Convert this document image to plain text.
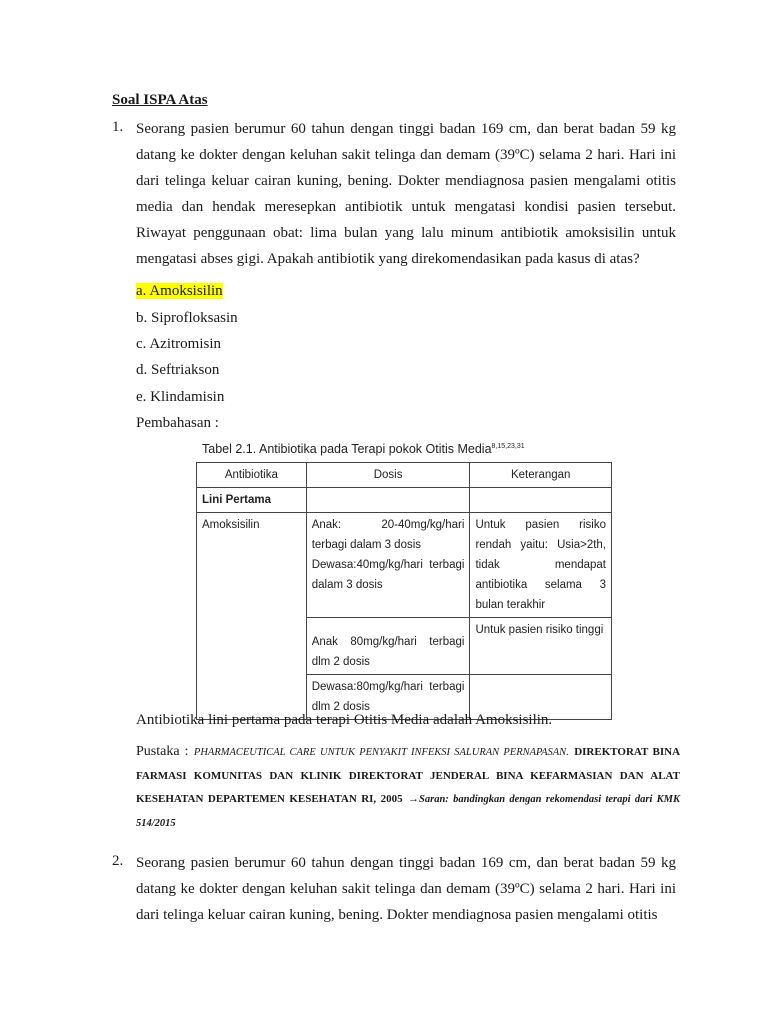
Soal ISPA Atas
1. Seorang pasien berumur 60 tahun dengan tinggi badan 169 cm, dan berat badan 59 kg datang ke dokter dengan keluhan sakit telinga dan demam (39ºC) selama 2 hari. Hari ini dari telinga keluar cairan kuning, bening. Dokter mendiagnosa pasien mengalami otitis media dan hendak meresepkan antibiotik untuk mengatasi kondisi pasien tersebut. Riwayat penggunaan obat: lima bulan yang lalu minum antibiotik amoksisilin untuk mengatasi abses gigi. Apakah antibiotik yang direkomendasikan pada kasus di atas?
a. Amoksisilin
b. Siprofloksasin
c. Azitromisin
d. Seftriakson
e. Klindamisin
Pembahasan :
Tabel 2.1. Antibiotika pada Terapi pokok Otitis Media$^{8,15,23,31}$
Antibiotika	Dosis	Keterangan
Lini Pertama		
Amoksisilin	Anak: 20-40mg/kg/hari
terbagi dalam 3 dosis
Dewasa:40mg/kg/hari terbagi dalam 3 dosis	Untuk pasien risiko rendah yaitu: Usia>2th, tidak mendapat antibiotika selama 3 bulan terakhir
	Anak 80mg/kg/hari terbagi dlm 2 dosis	Untuk pasien risiko tinggi
	Dewasa:80mg/kg/hari terbagi dlm 2 dosis	
Antibiotika lini pertama pada terapi Otitis Media adalah Amoksisilin.
Pustaka : PHARMACEUTICAL CARE UNTUK PENYAKIT INFEKSI SALURAN PERNAPASAN. DIREKTORAT BINA FARMASI KOMUNITAS DAN KLINIK DIREKTORAT JENDERAL BINA KEFARMASIAN DAN ALAT KESEHATAN DEPARTEMEN KESEHATAN RI, 2005 →Saran: bandingkan dengan rekomendasi terapi dari KMK 514/2015
2. Seorang pasien berumur 60 tahun dengan tinggi badan 169 cm, dan berat badan 59 kg datang ke dokter dengan keluhan sakit telinga dan demam (39ºC) selama 2 hari. Hari ini dari telinga keluar cairan kuning, bening. Dokter mendiagnosa pasien mengalami otitis
